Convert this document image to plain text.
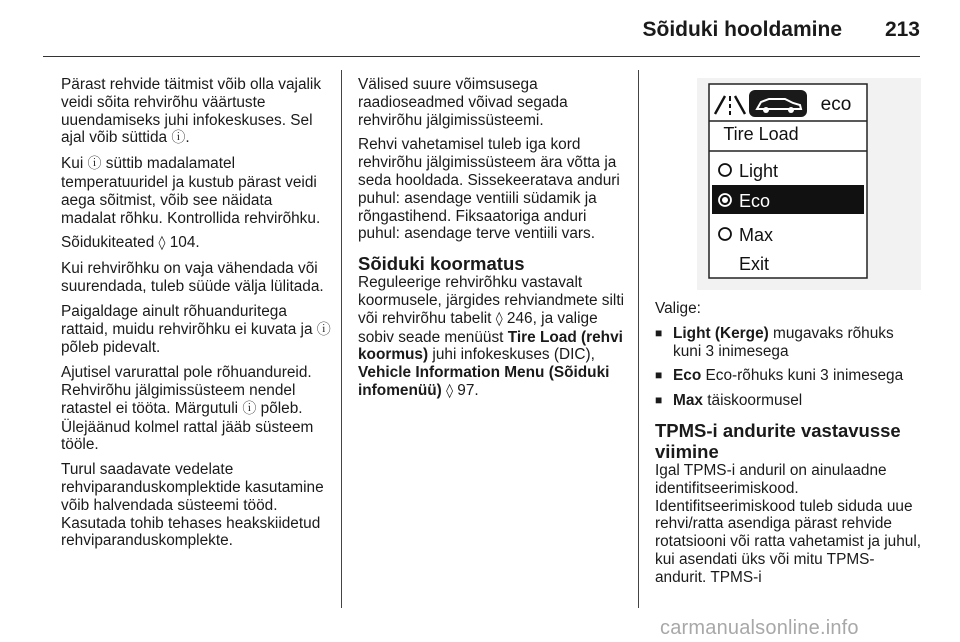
Sõiduki hooldamine 213

Pärast rehvide täitmist võib olla vajalik veidi sõita rehvirõhu väärtuste uuendamiseks juhi infokeskuses. Sel ajal võib süttida ⓘ.

Kui ⓘ süttib madalamatel temperatuuridel ja kustub pärast veidi aega sõitmist, võib see näidata madalat rõhku. Kontrollida rehvirõhku.

Sõidukiteated ◊ 104.

Kui rehvirõhku on vaja vähendada või suurendada, tuleb süüde välja lülitada.

Paigaldage ainult rõhuanduritega rattaid, muidu rehvirõhku ei kuvata ja ⓘ põleb pidevalt.

Ajutisel varurattal pole rõhuandureid. Rehvirõhu jälgimissüsteem nendel ratastel ei tööta. Märgutuli ⓘ põleb. Ülejäänud kolmel rattal jääb süsteem tööle.

Turul saadavate vedelate rehviparanduskomplektide kasutamine võib halvendada süsteemi tööd. Kasutada tohib tehases heakskiidetud rehviparanduskomplekte.

Välised suure võimsusega raadioseadmed võivad segada rehvirõhu jälgimissüsteemi.

Rehvi vahetamisel tuleb iga kord rehvirõhu jälgimissüsteem ära võtta ja seda hooldada. Sissekeeratava anduri puhul: asendage ventiili südamik ja rõngastihend. Fiksaatoriga anduri puhul: asendage terve ventiili vars.

Sõiduki koormatus

Reguleerige rehvirõhku vastavalt koormusele, järgides rehviandmete silti või rehvirõhu tabelit ◊ 246, ja valige sobiv seade menüüst Tire Load (rehvi koormus) juhi infokeskuses (DIC), Vehicle Information Menu (Sõiduki infomenüü) ◊ 97.

eco
Tire Load
Light
Eco
Max
Exit

Valige:

■ Light (Kerge) mugavaks rõhuks kuni 3 inimesega
■ Eco Eco-rõhuks kuni 3 inimesega
■ Max täiskoormusel
TPMS-i andurite vastavusse viimine

Igal TPMS-i anduril on ainulaadne identifitseerimiskood. Identifitseerimiskood tuleb siduda uue rehvi/ratta asendiga pärast rehvide rotatsiooni või ratta vahetamist ja juhul, kui asendati üks või mitu TPMS-andurit. TPMS-i

carmanualsonline.info
